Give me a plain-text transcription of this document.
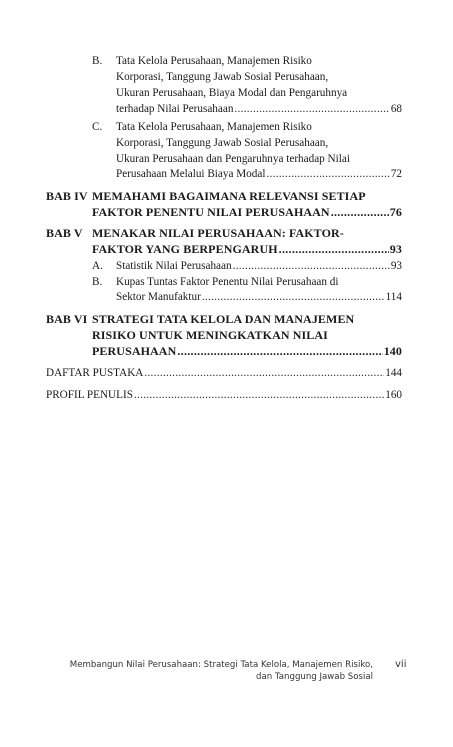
B. Tata Kelola Perusahaan, Manajemen Risiko
Korporasi, Tanggung Jawab Sosial Perusahaan,
Ukuran Perusahaan, Biaya Modal dan Pengaruhnya
terhadap Nilai Perusahaan .....	68
C. Tata Kelola Perusahaan, Manajemen Risiko
Korporasi, Tanggung Jawab Sosial Perusahaan,
Ukuran Perusahaan dan Pengaruhnya terhadap Nilai
Perusahaan Melalui Biaya Modal .....	72
BAB IV MEMAHAMI BAGAIMANA RELEVANSI SETIAP
FAKTOR PENENTU NILAI PERUSAHAAN .....	76
BAB V MENAKAR NILAI PERUSAHAAN: FAKTOR-
FAKTOR YANG BERPENGARUH .....	93
A. Statistik Nilai Perusahaan .....	93
B. Kupas Tuntas Faktor Penentu Nilai Perusahaan di
Sektor Manufaktur .....	114
BAB VI STRATEGI TATA KELOLA DAN MANAJEMEN
RISIKO UNTUK MENINGKATKAN NILAI
PERUSAHAAN .....	140
DAFTAR PUSTAKA .....	144
PROFIL PENULIS .....	160
Membangun Nilai Perusahaan: Strategi Tata Kelola, Manajemen Risiko,
dan Tanggung Jawab Sosial
vii
